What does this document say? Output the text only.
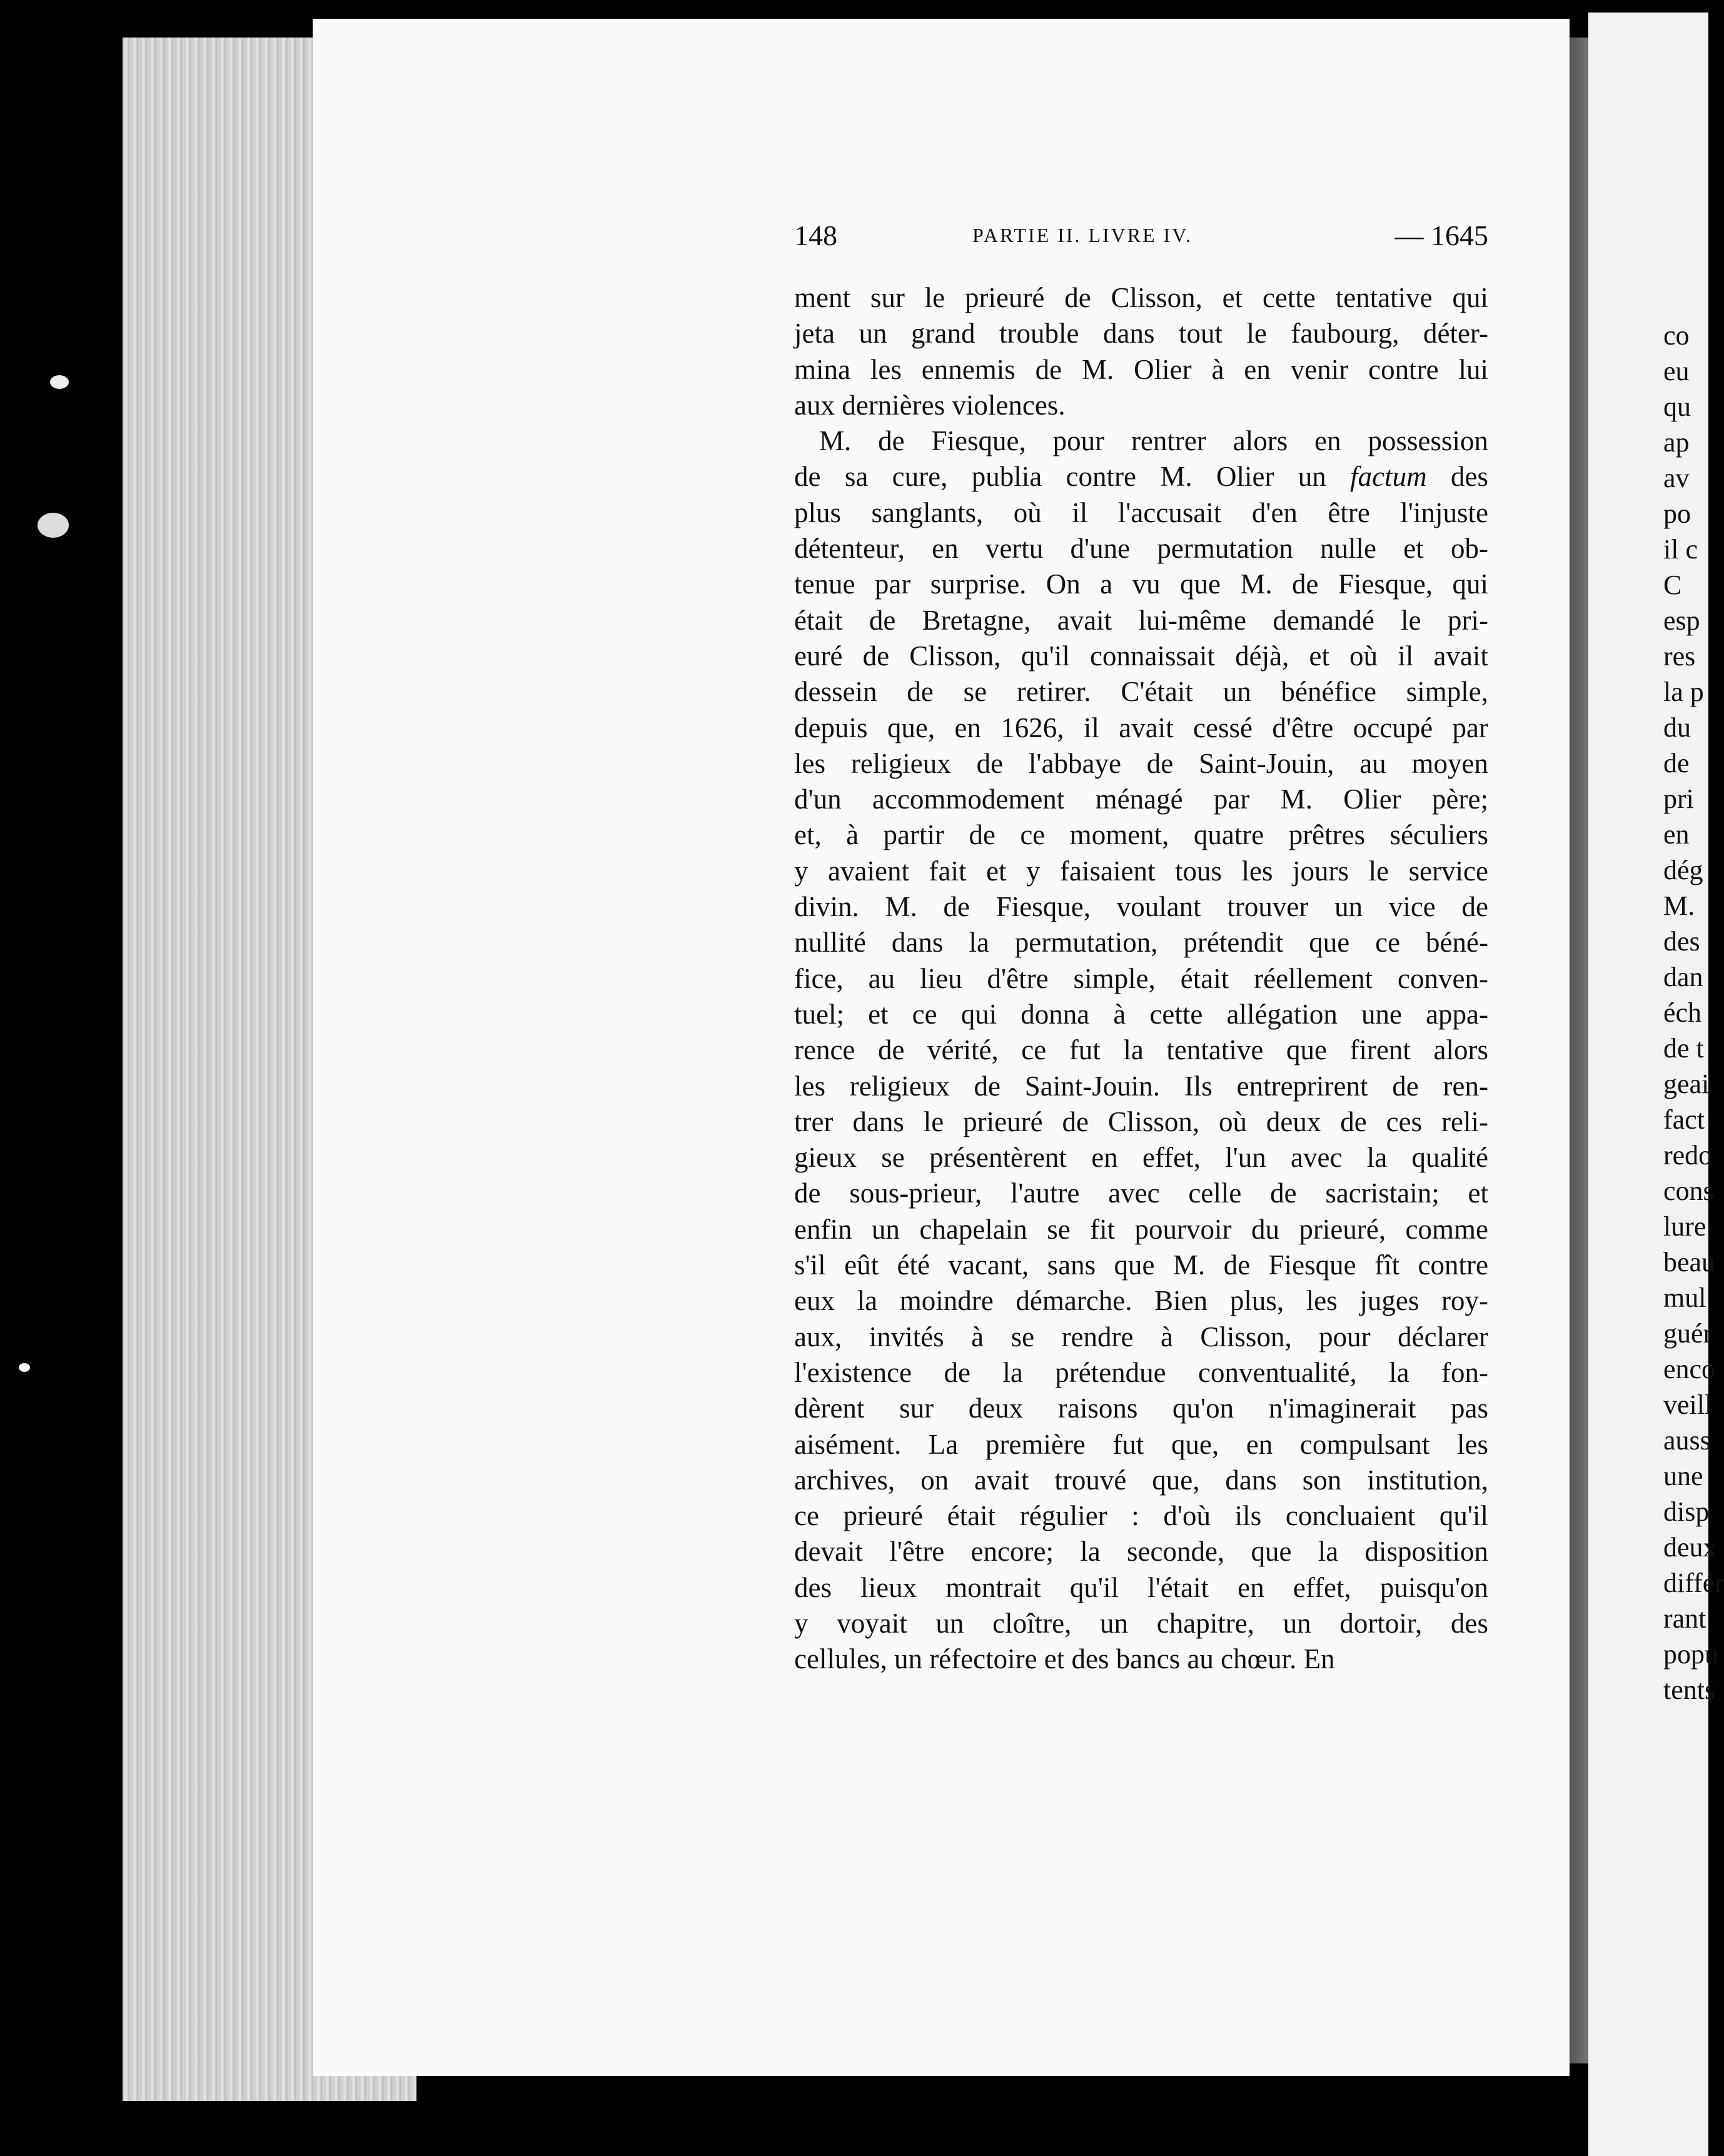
co
eu
qu
ap
av
po
il c
C
esp
res
la p
du
de
pri
en
dég
M.
des
dan
éch
de t
geai
fact
redo
cons
lure
beau
mul
guér
enco
veill
auss
une
disp
deux
différ
rant
popu
tents
148	PARTIE II. LIVRE IV.	— 1645
ment sur le prieuré de Clisson, et cette tentative qui
jeta un grand trouble dans tout le faubourg, déter-
mina les ennemis de M. Olier à en venir contre lui
aux dernières violences.
M. de Fiesque, pour rentrer alors en possession
de sa cure, publia contre M. Olier un factum des
plus sanglants, où il l'accusait d'en être l'injuste
détenteur, en vertu d'une permutation nulle et ob-
tenue par surprise. On a vu que M. de Fiesque, qui
était de Bretagne, avait lui-même demandé le pri-
euré de Clisson, qu'il connaissait déjà, et où il avait
dessein de se retirer. C'était un bénéfice simple,
depuis que, en 1626, il avait cessé d'être occupé par
les religieux de l'abbaye de Saint-Jouin, au moyen
d'un accommodement ménagé par M. Olier père;
et, à partir de ce moment, quatre prêtres séculiers
y avaient fait et y faisaient tous les jours le service
divin. M. de Fiesque, voulant trouver un vice de
nullité dans la permutation, prétendit que ce béné-
fice, au lieu d'être simple, était réellement conven-
tuel; et ce qui donna à cette allégation une appa-
rence de vérité, ce fut la tentative que firent alors
les religieux de Saint-Jouin. Ils entreprirent de ren-
trer dans le prieuré de Clisson, où deux de ces reli-
gieux se présentèrent en effet, l'un avec la qualité
de sous-prieur, l'autre avec celle de sacristain; et
enfin un chapelain se fit pourvoir du prieuré, comme
s'il eût été vacant, sans que M. de Fiesque fît contre
eux la moindre démarche. Bien plus, les juges roy-
aux, invités à se rendre à Clisson, pour déclarer
l'existence de la prétendue conventualité, la fon-
dèrent sur deux raisons qu'on n'imaginerait pas
aisément. La première fut que, en compulsant les
archives, on avait trouvé que, dans son institution,
ce prieuré était régulier : d'où ils concluaient qu'il
devait l'être encore; la seconde, que la disposition
des lieux montrait qu'il l'était en effet, puisqu'on
y voyait un cloître, un chapitre, un dortoir, des
cellules, un réfectoire et des bancs au chœur. En
